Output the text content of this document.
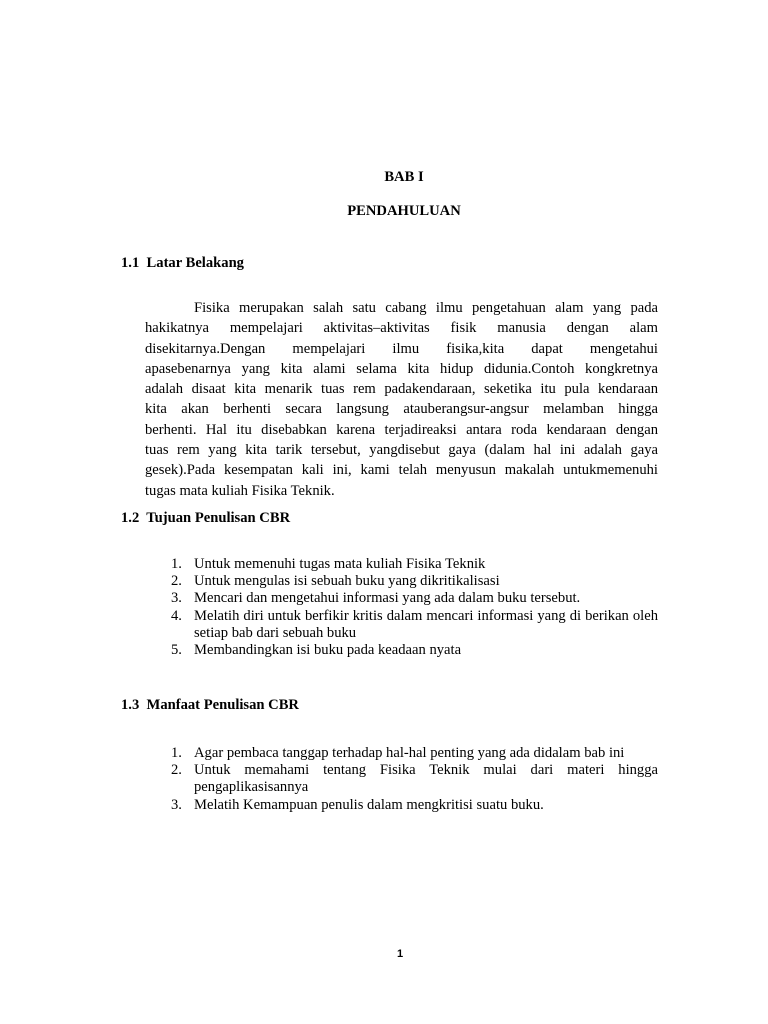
BAB I
PENDAHULUAN
1.1  Latar Belakang

Fisika merupakan salah satu cabang ilmu pengetahuan alam yang pada
hakikatnya mempelajari aktivitas–aktivitas fisik manusia dengan alam
disekitarnya.Dengan mempelajari ilmu fisika,kita dapat mengetahui
apasebenarnya yang kita alami selama kita hidup didunia.Contoh kongkretnya
adalah disaat kita menarik tuas rem padakendaraan, seketika itu pula kendaraan
kita akan berhenti secara langsung atauberangsur-angsur melamban hingga
berhenti. Hal itu disebabkan karena terjadireaksi antara roda kendaraan dengan
tuas rem yang kita tarik tersebut, yangdisebut gaya (dalam hal ini adalah gaya
gesek).Pada kesempatan kali ini, kami telah menyusun makalah untukmemenuhi
tugas mata kuliah Fisika Teknik.

1.2  Tujuan Penulisan CBR
1. Untuk memenuhi tugas mata kuliah Fisika Teknik
2. Untuk mengulas isi sebuah buku yang dikritikalisasi
3. Mencari dan mengetahui informasi yang ada dalam buku tersebut.
4. Melatih diri untuk berfikir kritis dalam mencari informasi yang di berikan oleh setiap bab dari sebuah buku
5. Membandingkan isi buku pada keadaan nyata
1.3  Manfaat Penulisan CBR
1. Agar pembaca tanggap terhadap hal-hal penting yang ada didalam bab ini
2. Untuk memahami tentang Fisika Teknik mulai dari materi hingga pengaplikasisannya
3. Melatih Kemampuan penulis dalam mengkritisi suatu buku.
1
